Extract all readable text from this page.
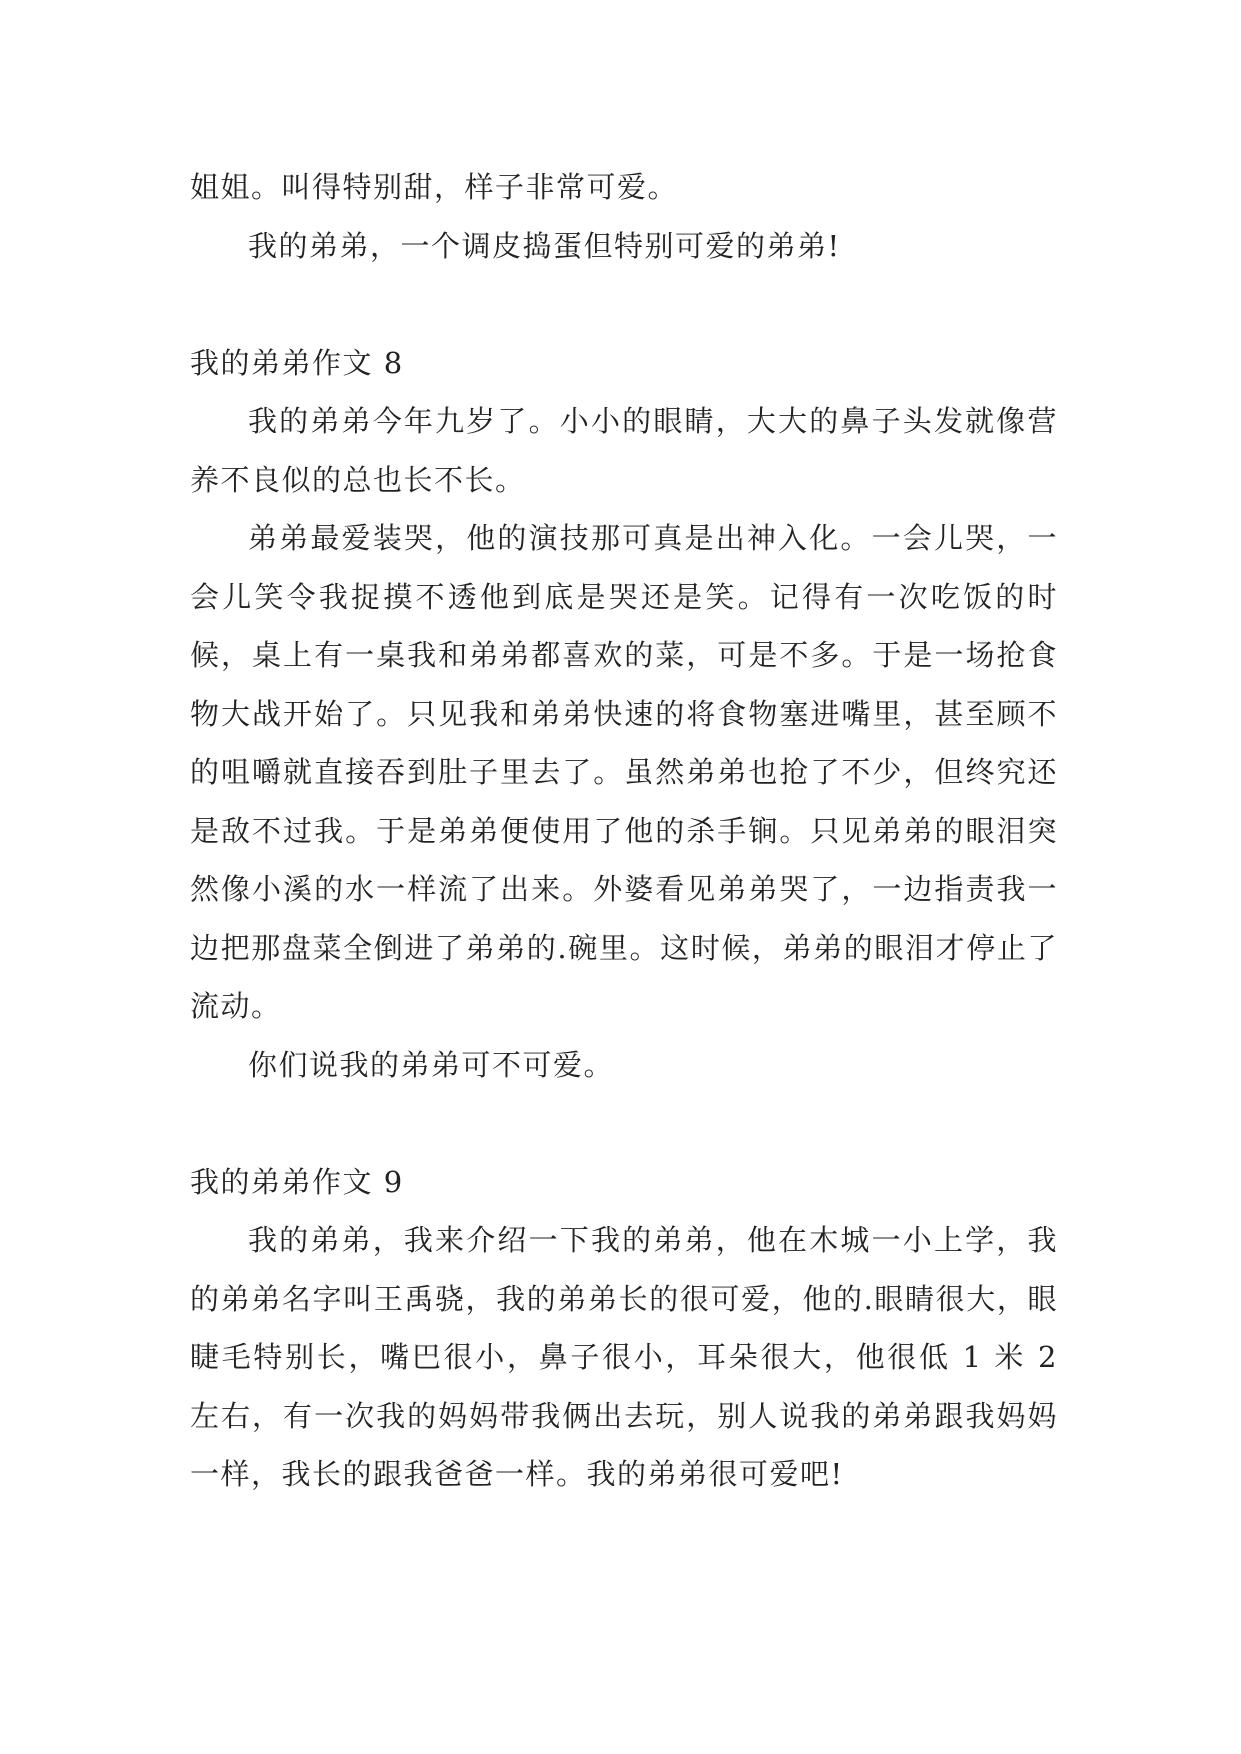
姐姐。叫得特别甜，样子非常可爱。

我的弟弟，一个调皮捣蛋但特别可爱的弟弟!

我的弟弟作文 8

我的弟弟今年九岁了。小小的眼睛，大大的鼻子头发就像营养不良似的总也长不长。

弟弟最爱装哭，他的演技那可真是出神入化。一会儿哭，一会儿笑令我捉摸不透他到底是哭还是笑。记得有一次吃饭的时候，桌上有一桌我和弟弟都喜欢的菜，可是不多。于是一场抢食物大战开始了。只见我和弟弟快速的将食物塞进嘴里，甚至顾不的咀嚼就直接吞到肚子里去了。虽然弟弟也抢了不少，但终究还是敌不过我。于是弟弟便使用了他的杀手锏。只见弟弟的眼泪突然像小溪的水一样流了出来。外婆看见弟弟哭了，一边指责我一边把那盘菜全倒进了弟弟的.碗里。这时候，弟弟的眼泪才停止了流动。

你们说我的弟弟可不可爱。

我的弟弟作文 9

我的弟弟，我来介绍一下我的弟弟，他在木城一小上学，我的弟弟名字叫王禹骁，我的弟弟长的很可爱，他的.眼睛很大，眼睫毛特别长，嘴巴很小，鼻子很小，耳朵很大，他很低 1 米 2 左右，有一次我的妈妈带我俩出去玩，别人说我的弟弟跟我妈妈一样，我长的跟我爸爸一样。我的弟弟很可爱吧!
